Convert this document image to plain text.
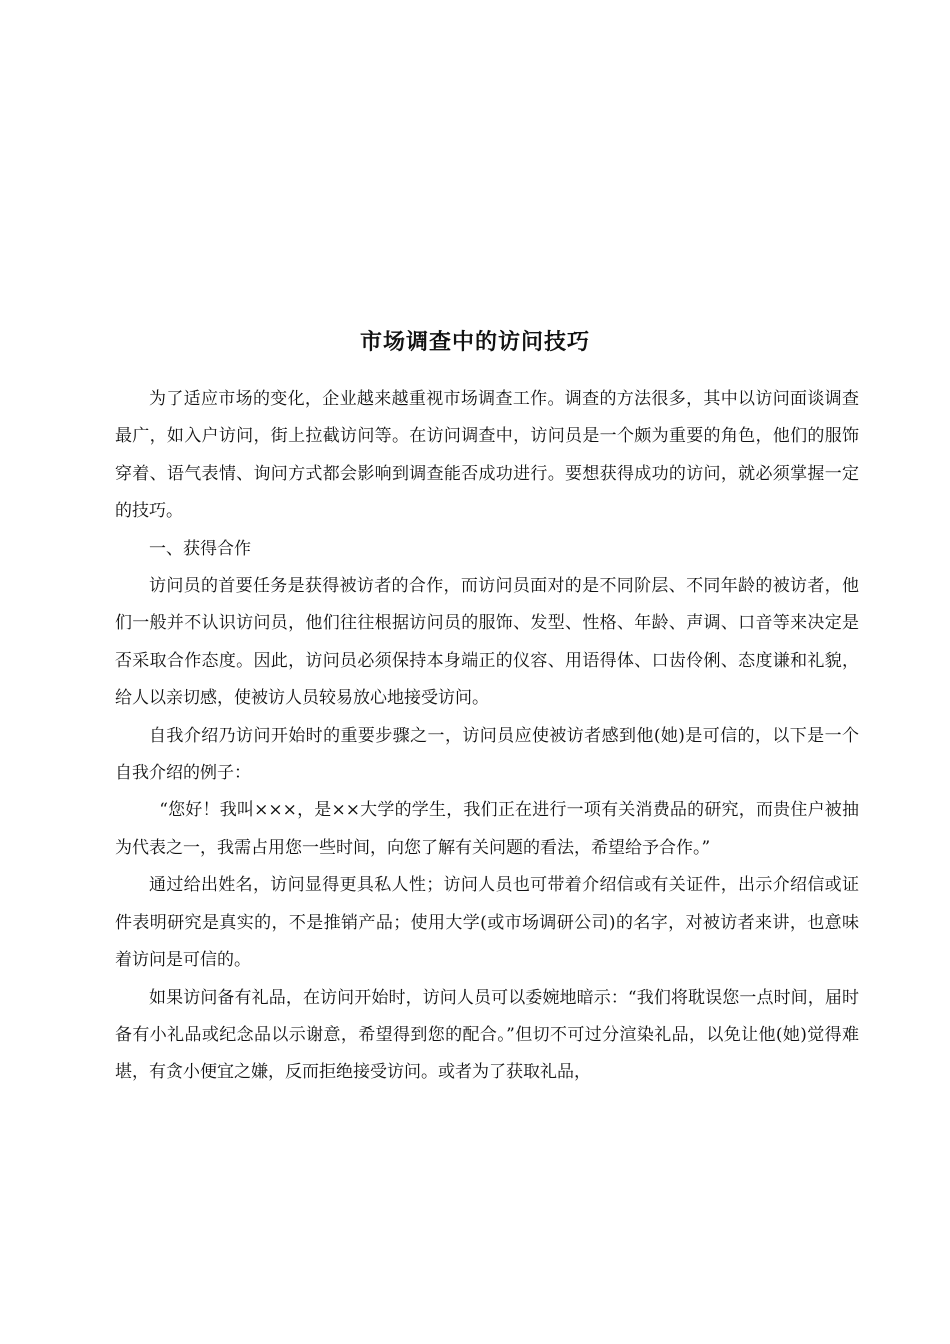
市场调查中的访问技巧

为了适应市场的变化，企业越来越重视市场调查工作。调查的方法很多，其中以访问面谈调查最广，如入户访问，街上拉截访问等。在访问调查中，访问员是一个颇为重要的角色，他们的服饰穿着、语气表情、询问方式都会影响到调查能否成功进行。要想获得成功的访问，就必须掌握一定的技巧。

一、获得合作

访问员的首要任务是获得被访者的合作，而访问员面对的是不同阶层、不同年龄的被访者，他们一般并不认识访问员，他们往往根据访问员的服饰、发型、性格、年龄、声调、口音等来决定是否采取合作态度。因此，访问员必须保持本身端正的仪容、用语得体、口齿伶俐、态度谦和礼貌，给人以亲切感，使被访人员较易放心地接受访问。

自我介绍乃访问开始时的重要步骤之一，访问员应使被访者感到他(她)是可信的，以下是一个自我介绍的例子：

“您好！我叫×××，是××大学的学生，我们正在进行一项有关消费品的研究，而贵住户被抽为代表之一，我需占用您一些时间，向您了解有关问题的看法，希望给予合作。”

通过给出姓名，访问显得更具私人性；访问人员也可带着介绍信或有关证件，出示介绍信或证件表明研究是真实的，不是推销产品；使用大学(或市场调研公司)的名字，对被访者来讲，也意味着访问是可信的。

如果访问备有礼品，在访问开始时，访问人员可以委婉地暗示：“我们将耽误您一点时间，届时备有小礼品或纪念品以示谢意，希望得到您的配合。”但切不可过分渲染礼品，以免让他(她)觉得难堪，有贪小便宜之嫌，反而拒绝接受访问。或者为了获取礼品，
